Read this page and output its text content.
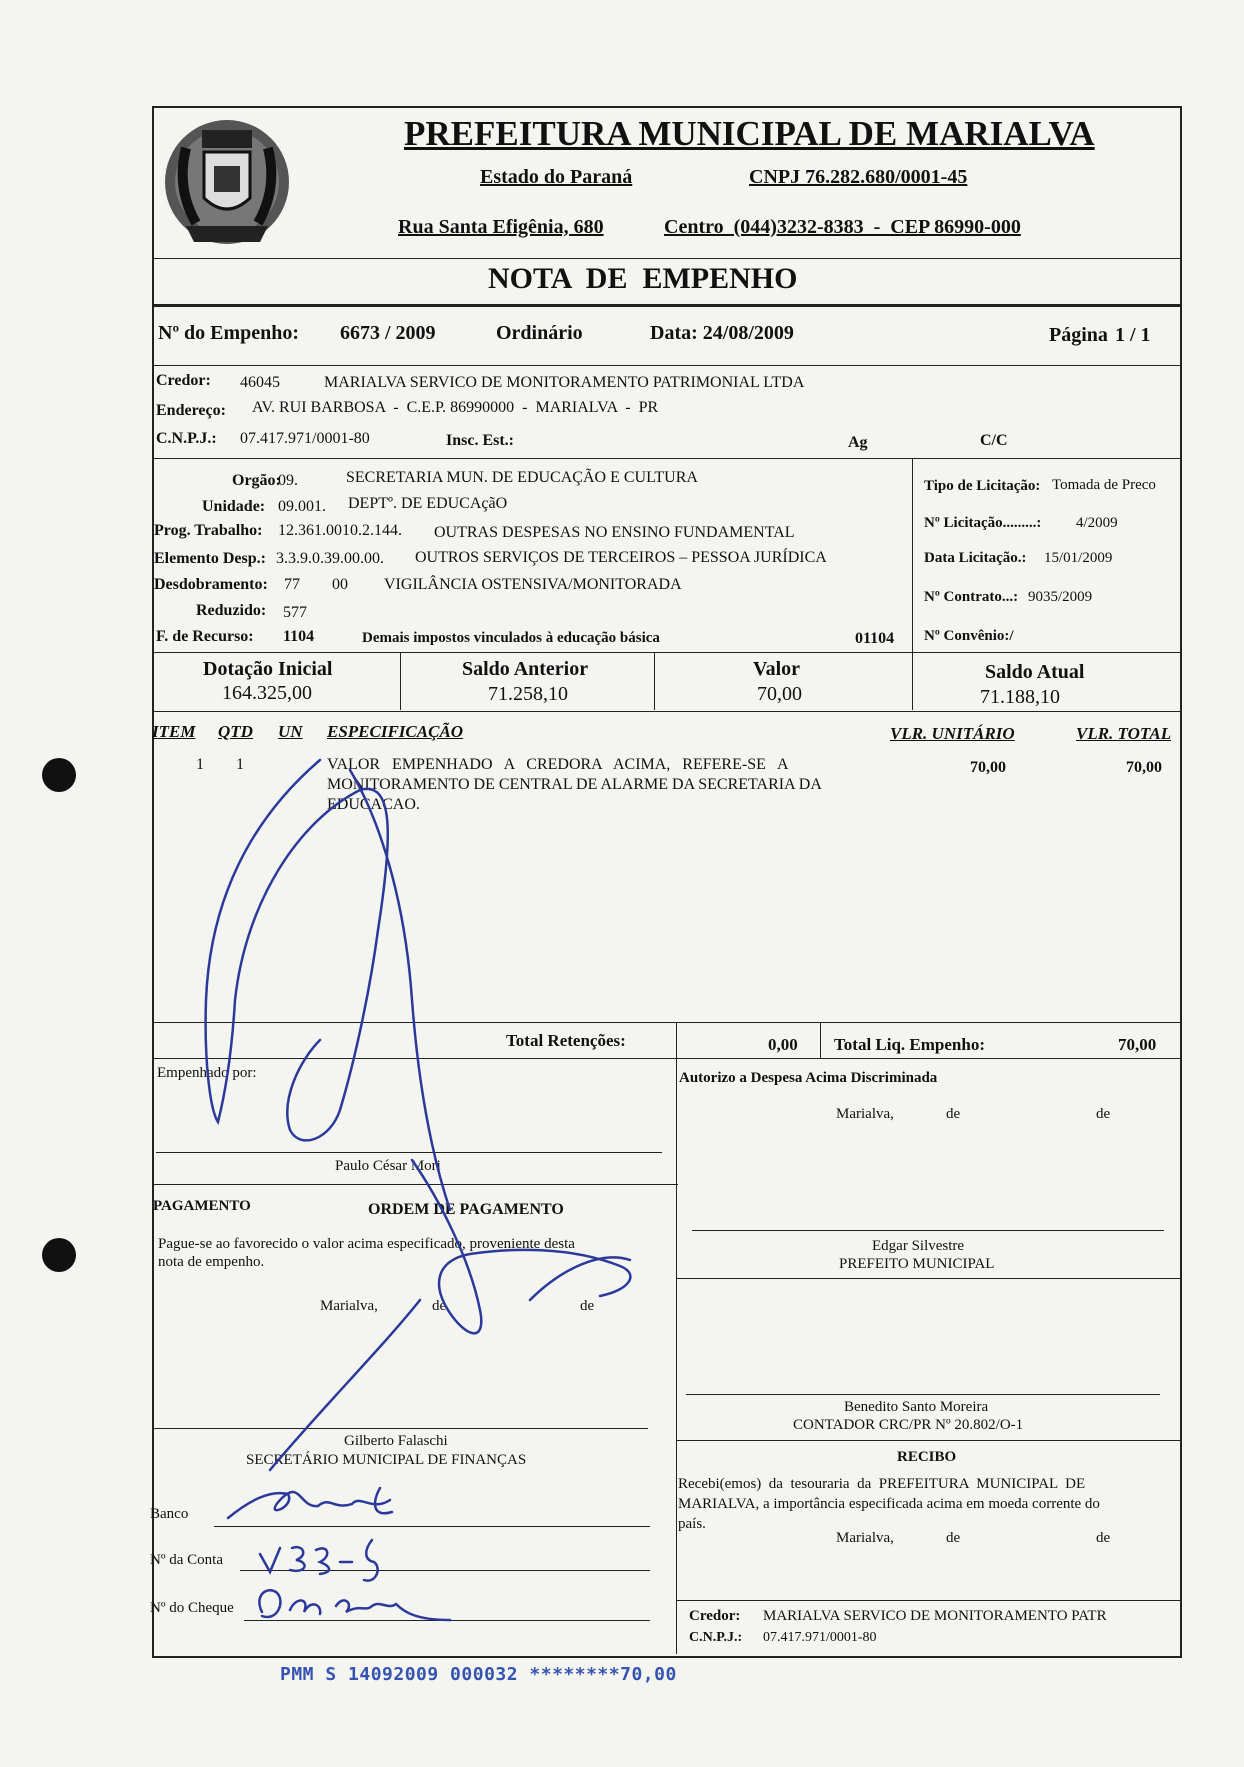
PREFEITURA MUNICIPAL DE MARIALVA
Estado do Paraná	CNPJ 76.282.680/0001-45
Rua Santa Efigênia, 680	Centro  (044)3232-8383  -  CEP 86990-000
NOTA  DE  EMPENHO
Nº do Empenho: 6673 / 2009	Ordinário	Data: 24/08/2009	Página 1 / 1
Credor: 46045	MARIALVA SERVICO DE MONITORAMENTO PATRIMONIAL LTDA
Endereço: AV. RUI BARBOSA  -  C.E.P. 86990000  -  MARIALVA  -  PR
C.N.P.J.: 07.417.971/0001-80	Insc. Est.:	Ag	C/C
Orgão:
09.	SECRETARIA MUN. DE EDUCAÇÃO E CULTURA
Unidade: 09.001. DEPTº. DE EDUCAçãO
Prog. Trabalho: 12.361.0010.2.144. OUTRAS DESPESAS NO ENSINO FUNDAMENTAL
Elemento Desp.: 3.3.9.0.39.00.00. OUTROS SERVIÇOS DE TERCEIROS – PESSOA JURÍDICA
Desdobramento: 77 00 VIGILÂNCIA OSTENSIVA/MONITORADA
Reduzido: 577
F. de Recurso: 1104	Demais impostos vinculados à educação básica	01104
Tipo de Licitação: Tomada de Preco
Nº Licitação.........: 4/2009
Data Licitação.: 15/01/2009
Nº Contrato...: 9035/2009
Nº Convênio:/
Dotação Inicial
164.325,00
Saldo Anterior
71.258,10
Valor
70,00
Saldo Atual
71.188,10
ITEM QTD UN ESPECIFICAÇÃO	VLR. UNITÁRIO	VLR. TOTAL
1 1	VALOR   EMPENHADO   A   CREDORA   ACIMA,   REFERE-SE   A
MONITORAMENTO DE CENTRAL DE ALARME DA SECRETARIA DA
EDUCACAO.
70,00	70,00
Total Retenções:	0,00 Total Liq. Empenho:	70,00
Empenhado por:
Paulo César Mori
PAGAMENTO	ORDEM DE PAGAMENTO
Pague-se ao favorecido o valor acima especificado, proveniente desta
nota de empenho.
Marialva,	de	de
Gilberto Falaschi
SECRETÁRIO MUNICIPAL DE FINANÇAS
Banco
Nº da Conta
Nº do Cheque
Autorizo a Despesa Acima Discriminada
Marialva,	de	de
Edgar Silvestre
PREFEITO MUNICIPAL
Benedito Santo Moreira
CONTADOR CRC/PR Nº 20.802/O-1
RECIBO
Recebi(emos)  da  tesouraria  da  PREFEITURA  MUNICIPAL  DE
MARIALVA, a importância especificada acima em moeda corrente do
país.
Marialva,	de	de
Credor: MARIALVA SERVICO DE MONITORAMENTO PATR
C.N.P.J.: 07.417.971/0001-80
PMM S 14092009 000032 ********70,00
